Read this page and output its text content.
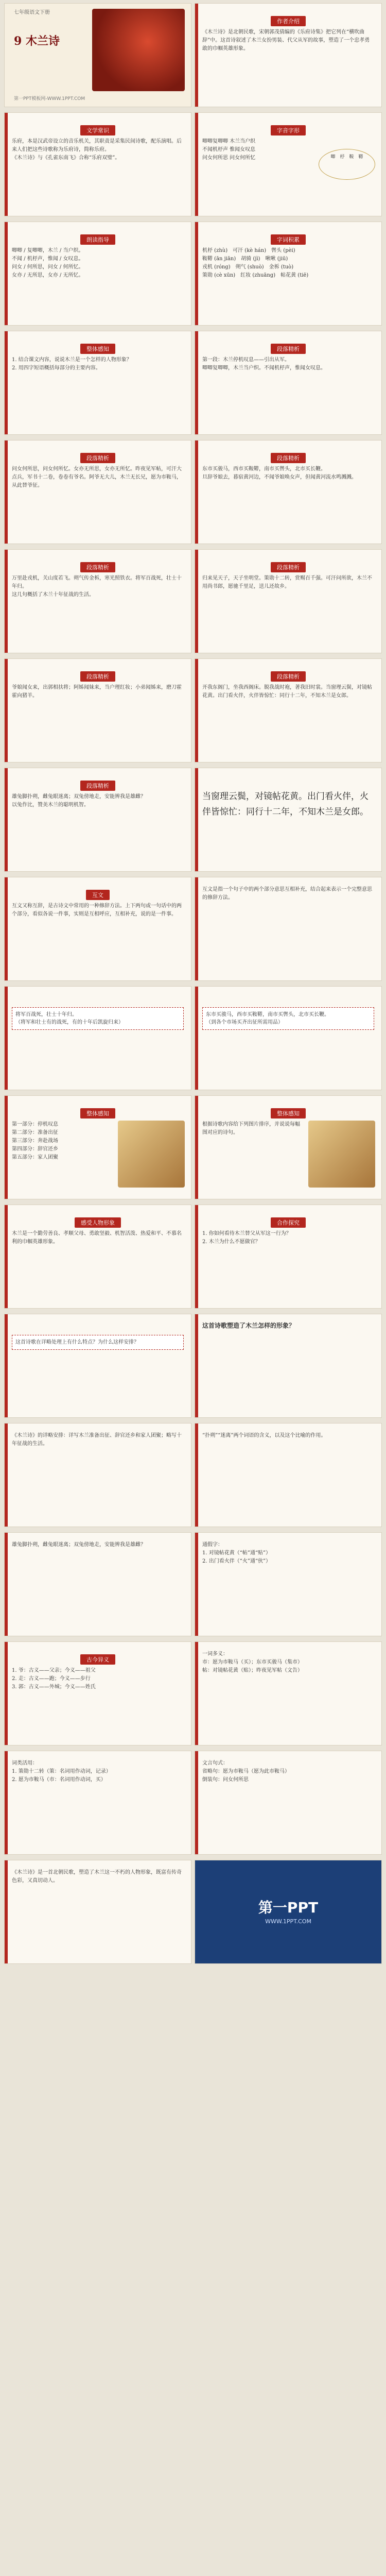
七年级语文下册
9 木兰诗
第一PPT模板网-WWW.1PPT.COM
作者介绍
《木兰诗》是北朝民歌，宋朝郭茂倩编的《乐府诗集》把它列在“横吹曲辞”中。这首诗叙述了木兰女扮男装、代父从军的故事，塑造了一个忠孝勇敢的巾帼英雄形象。
文学常识
乐府，本是汉武帝设立的音乐机关，其职责是采集民间诗歌，配乐演唱。后来人们把这些诗歌称为乐府诗，简称乐府。
《木兰诗》与《孔雀东南飞》合称“乐府双璧”。
字音字形
唧唧复唧唧 木兰当户织
不闻机杼声 惟闻女叹息
问女何所思 问女何所忆	唧　杼　鞍　鞯
朗读指导
唧唧 / 复唧唧，木兰 / 当户织。
不闻 / 机杼声，惟闻 / 女叹息。
问女 / 何所思，问女 / 何所忆。
女亦 / 无所思，女亦 / 无所忆。
字词积累
机杼 (zhù)　可汗 (kè hán)　辔头 (pèi)
鞍鞯 (ān jiān)　胡骑 (jì)　啾啾 (jiū)
戎机 (róng)　朔气 (shuò)　金柝 (tuò)
策勋 (cè xūn)　红妆 (zhuāng)　帖花黄 (tiē)
整体感知
1. 结合课文内容，说说木兰是一个怎样的人物形象？
2. 用四字短语概括每部分的主要内容。
段落精析
第一段：木兰停机叹息——引出从军。
唧唧复唧唧，木兰当户织。不闻机杼声，惟闻女叹息。
段落精析
问女何所思，问女何所忆。女亦无所思，女亦无所忆。昨夜见军帖，可汗大点兵，军书十二卷，卷卷有爷名。阿爷无大儿，木兰无长兄，愿为市鞍马，从此替爷征。
段落精析
东市买骏马，西市买鞍鞯，南市买辔头，北市买长鞭。
旦辞爷娘去，暮宿黄河边，不闻爷娘唤女声，但闻黄河流水鸣溅溅。
段落精析
万里赴戎机，关山度若飞。朔气传金柝，寒光照铁衣。将军百战死，壮士十年归。
这几句概括了木兰十年征战的生活。
段落精析
归来见天子，天子坐明堂。策勋十二转，赏赐百千强。可汗问所欲，木兰不用尚书郎，愿驰千里足，送儿还故乡。
段落精析
爷娘闻女来，出郭相扶将；阿姊闻妹来，当户理红妆；小弟闻姊来，磨刀霍霍向猪羊。
段落精析
开我东阁门，坐我西阁床。脱我战时袍，著我旧时裳。当窗理云鬓，对镜帖花黄。出门看火伴，火伴皆惊忙：同行十二年，不知木兰是女郎。
段落精析
雄兔脚扑朔，雌兔眼迷离；双兔傍地走，安能辨我是雄雌？
以兔作比，赞美木兰的聪明机智。
当窗理云鬓，对镜帖花黄。出门看火伴，火伴皆惊忙：同行十二年，不知木兰是女郎。
互文
互文又称互辞，是古诗文中常用的一种修辞方法。上下两句或一句话中的两个部分，看似各说一件事，实则是互相呼应，互相补充，说的是一件事。
互文是指一个句子中的两个部分意思互相补充，结合起来表示一个完整意思的修辞方法。
将军百战死，壮士十年归。
（将军和壮士有的战死，有的十年后凯旋归来）
东市买骏马，西市买鞍鞯，南市买辔头，北市买长鞭。
（到各个市场买齐出征所需用品）
整体感知
第一部分：停机叹息
第二部分：准备出征
第三部分：奔赴战场
第四部分：辞官还乡
第五部分：家人团聚
整体感知
根据诗歌内容给下列图片排序，并说说每幅图对应的诗句。
感受人物形象
木兰是一个勤劳善良、孝顺父母、勇敢坚毅、机智活泼、热爱和平、不慕名利的巾帼英雄形象。
合作探究
1. 你如何看待木兰替父从军这一行为？
2. 木兰为什么不愿做官？
这首诗歌在详略处理上有什么特点？为什么这样安排？
这首诗歌塑造了木兰怎样的形象？
《木兰诗》的详略安排：详写木兰准备出征、辞官还乡和家人团聚；略写十年征战的生活。
“扑朔”“迷离”两个词语的含义，以及这个比喻的作用。
雄兔脚扑朔，雌兔眼迷离；双兔傍地走，安能辨我是雄雌？	通假字：
1. 对镜帖花黄（“帖”通“贴”）
2. 出门看火伴（“火”通“伙”）
古今异义
1. 爷：古义——父亲；今义——祖父
2. 走：古义——跑；今义——步行
3. 郭：古义——外城；今义——姓氏
一词多义：
市：愿为市鞍马（买）；东市买骏马（集市）
帖：对镜帖花黄（贴）；昨夜见军帖（文告）
词类活用：
1. 策勋十二转（策：名词用作动词，记录）
2. 愿为市鞍马（市：名词用作动词，买）
文言句式：
省略句：愿为市鞍马（愿为此市鞍马）
倒装句：问女何所思
《木兰诗》是一首北朝民歌，塑造了木兰这一不朽的人物形象，既富有传奇色彩，又真切动人。
第一PPT
WWW.1PPT.COM
